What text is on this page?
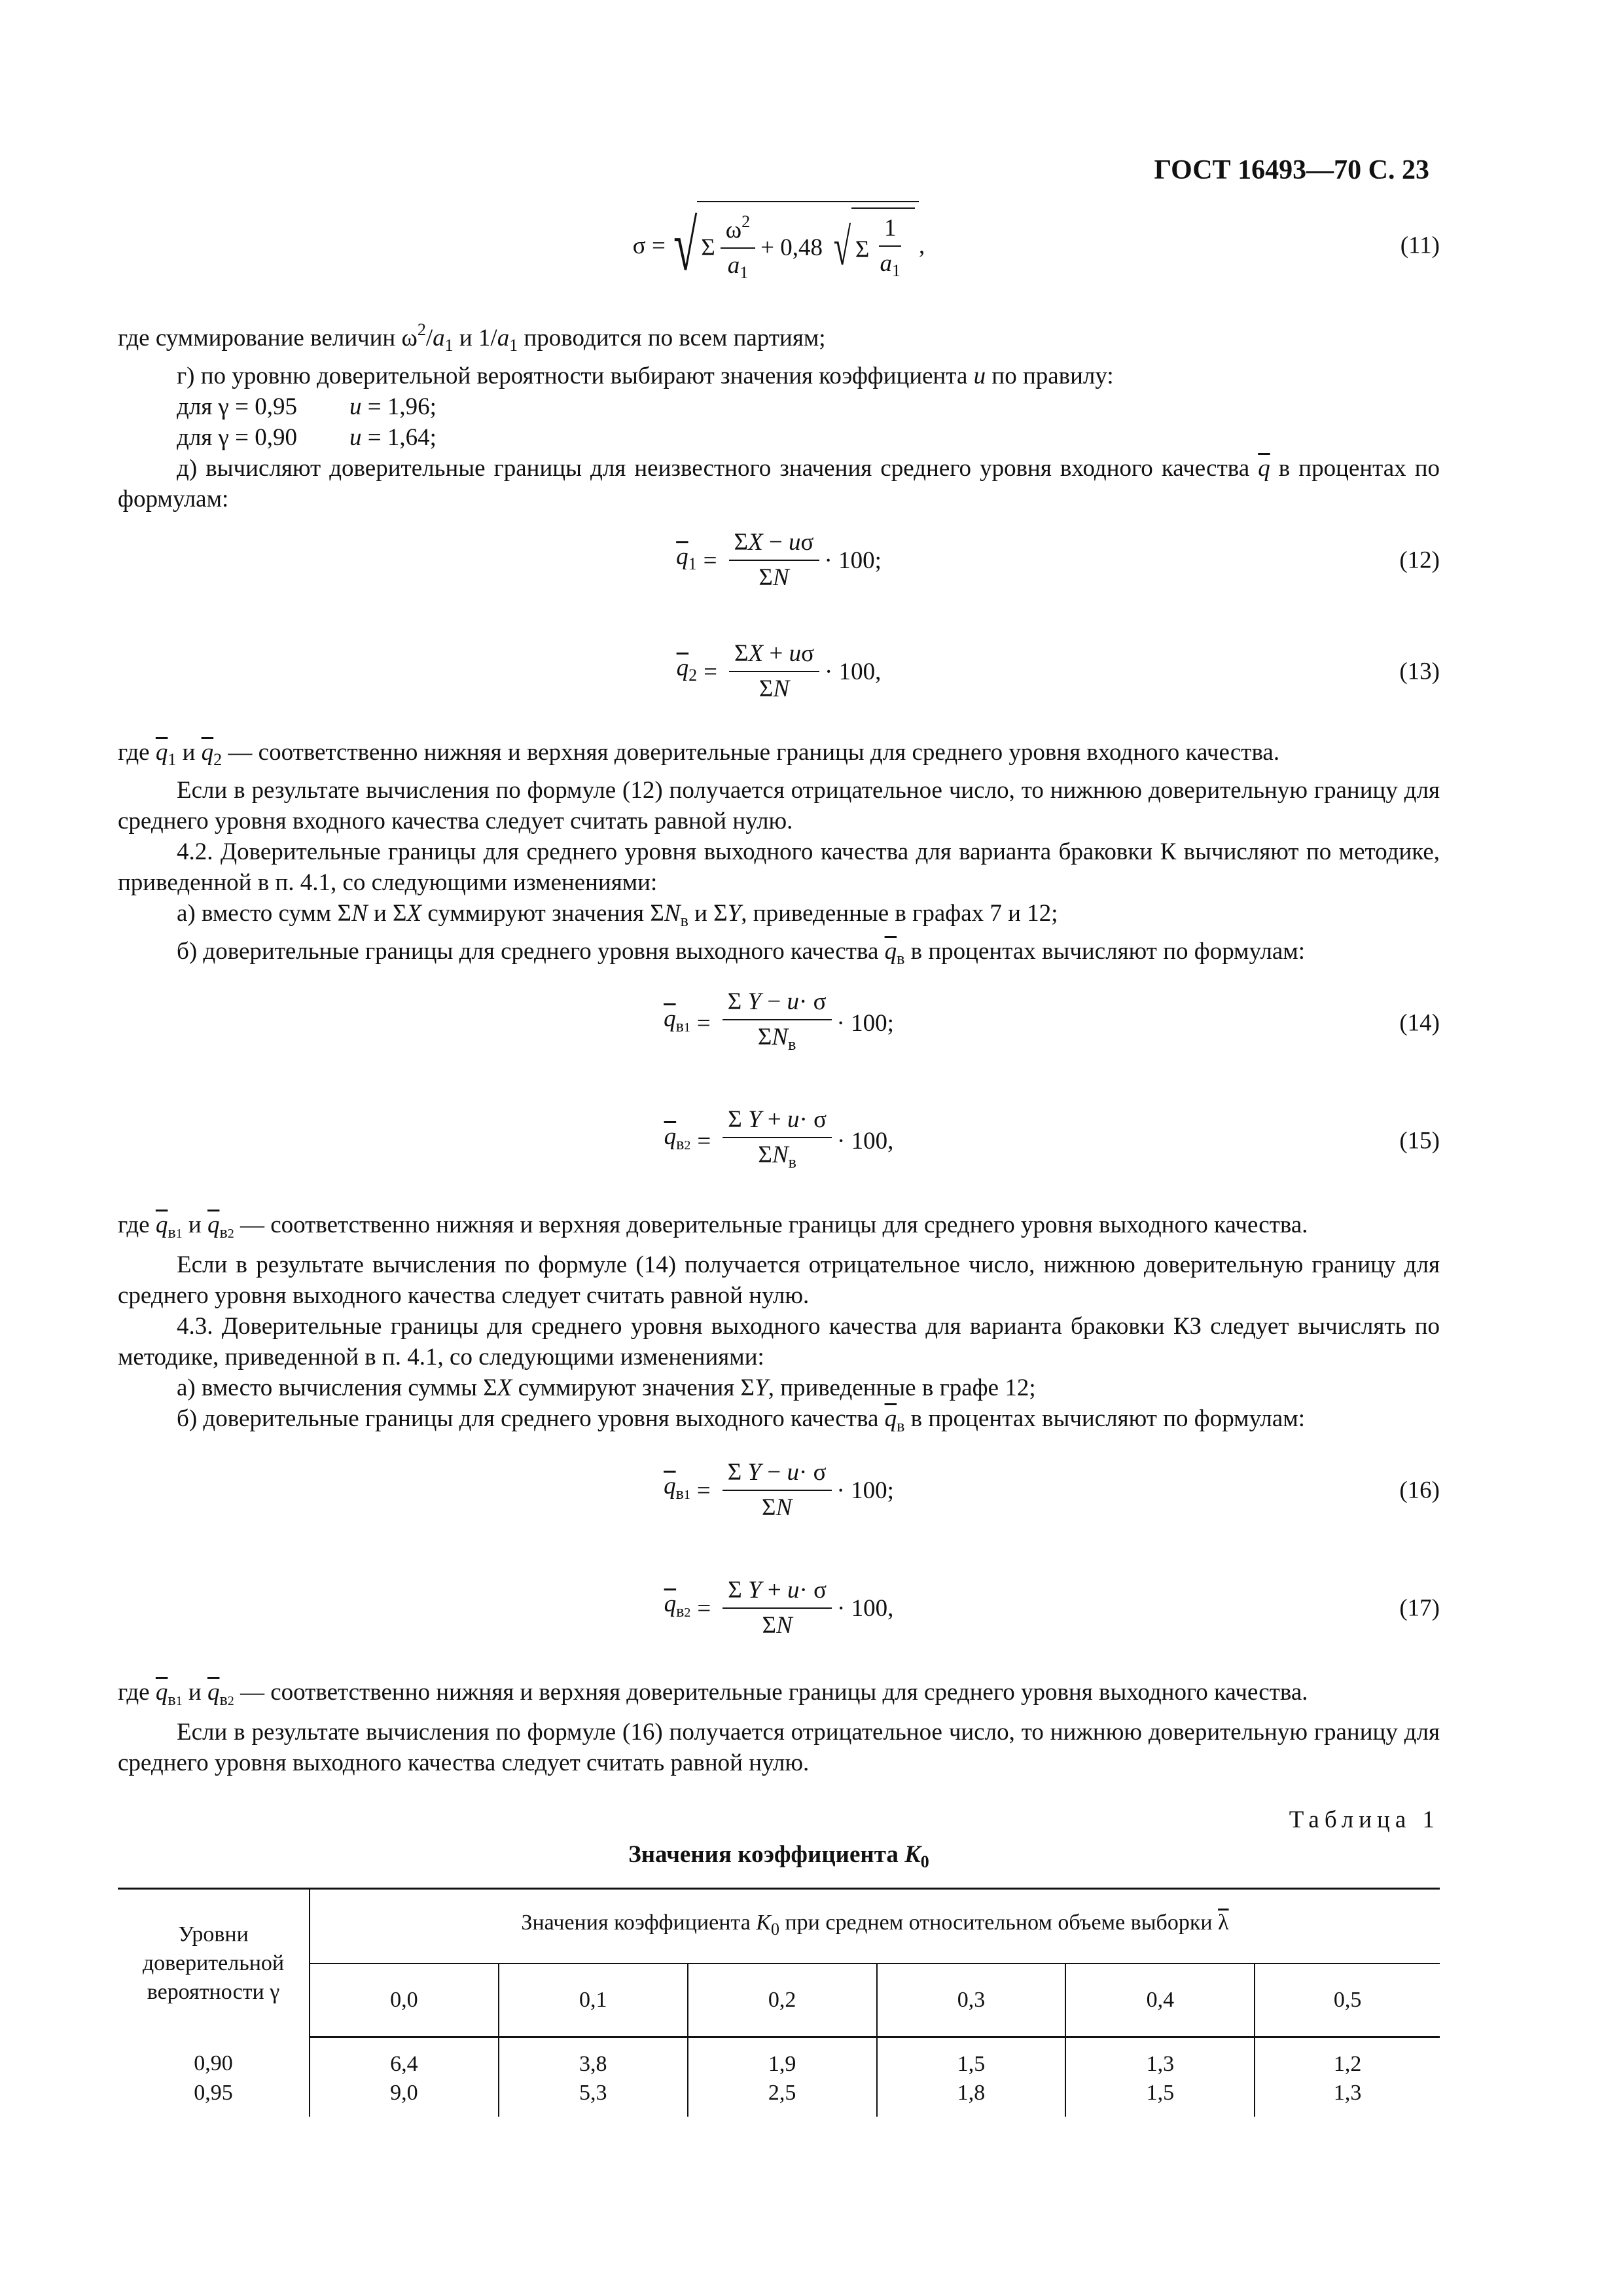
ГОСТ 16493—70 С. 23
σ = √ Σ $\frac{\omega^2}{a_1} + 0,48$ √ Σ $\frac{1}{a_1}$ ,	(11)

где суммирование величин $\omega^2/a_1$ и $1/a_1$ проводится по всем партиям;

г) по уровню доверительной вероятности выбирают значения коэффициента u по правилу:

для γ = 0,95 u = 1,96;

для γ = 0,90 u = 1,64;

д) вычисляют доверительные границы для неизвестного значения среднего уровня входного качества $\overline{q}$ в процентах по формулам:

$\overline{q}_1 = \frac{\Sigma X - u\sigma}{\Sigma N} \cdot 100$;	(12)
$\overline{q}_2 = \frac{\Sigma X + u\sigma}{\Sigma N} \cdot 100$,	(13)

где $\overline{q}_1$ и $\overline{q}_2$ — соответственно нижняя и верхняя доверительные границы для среднего уровня входного качества.

Если в результате вычисления по формуле (12) получается отрицательное число, то нижнюю доверительную границу для среднего уровня входного качества следует считать равной нулю.

4.2. Доверительные границы для среднего уровня выходного качества для варианта браковки К вычисляют по методике, приведенной в п. 4.1, со следующими изменениями:

а) вместо сумм ΣN и ΣX суммируют значения $\Sigma N_в$ и ΣY, приведенные в графах 7 и 12;

б) доверительные границы для среднего уровня выходного качества $\overline{q}_в$ в процентах вычисляют по формулам:

$\overline{q}_{в1} = \frac{\text{Σ Y − u· σ}}{\Sigma N_в} \cdot 100$;	(14)
$\overline{q}_{в2} = \frac{\text{Σ Y + u· σ}}{\Sigma N_в} \cdot 100$,	(15)

где $\overline{q}_{в1}$ и $\overline{q}_{в2}$ — соответственно нижняя и верхняя доверительные границы для среднего уровня выходного качества.

Если в результате вычисления по формуле (14) получается отрицательное число, нижнюю доверительную границу для среднего уровня выходного качества следует считать равной нулю.

4.3. Доверительные границы для среднего уровня выходного качества для варианта браковки КЗ следует вычислять по методике, приведенной в п. 4.1, со следующими изменениями:

а) вместо вычисления суммы ΣX суммируют значения ΣY, приведенные в графе 12;

б) доверительные границы для среднего уровня выходного качества $\overline{q}_в$ в процентах вычисляют по формулам:

$\overline{q}_{в1} = \frac{\text{Σ Y − u· σ}}{\Sigma N} \cdot 100$;	(16)
$\overline{q}_{в2} = \frac{\text{Σ Y + u· σ}}{\Sigma N} \cdot 100$,	(17)

где $\overline{q}_{в1}$ и $\overline{q}_{в2}$ — соответственно нижняя и верхняя доверительные границы для среднего уровня выходного качества.

Если в результате вычисления по формуле (16) получается отрицательное число, то нижнюю доверительную границу для среднего уровня выходного качества следует считать равной нулю.

Таблица 1
Значения коэффициента $K_0$
Уровни доверительной вероятности γ	Значения коэффициента $K_0$ при среднем относительном объеме выборки $\overline{\lambda}$
	0,0	0,1	0,2	0,3	0,4	0,5
0,90	6,4	3,8	1,9	1,5	1,3	1,2
0,95	9,0	5,3	2,5	1,8	1,5	1,3
